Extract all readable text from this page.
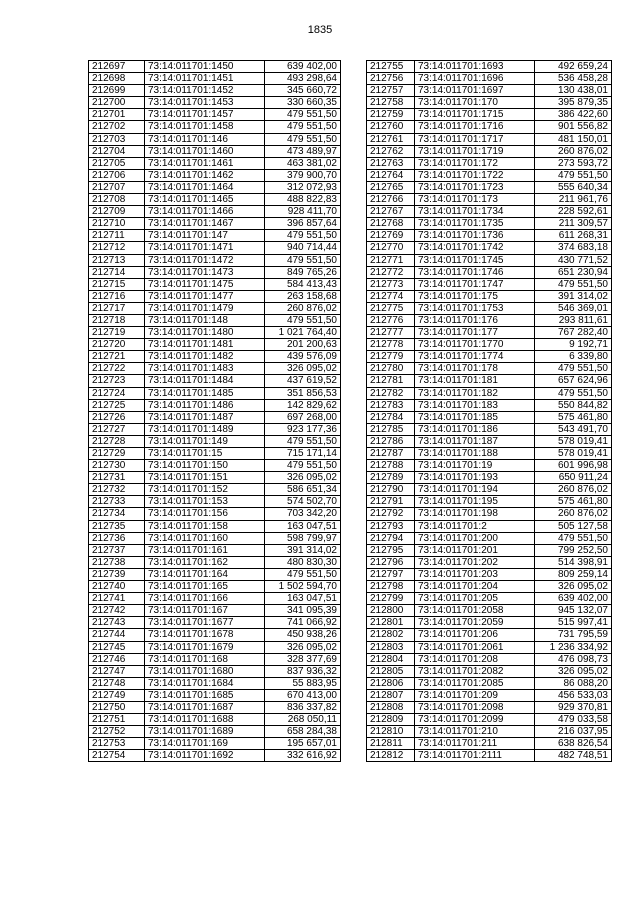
1835
212697	73:14:011701:1450	639 402,00
212698	73:14:011701:1451	493 298,64
212699	73:14:011701:1452	345 660,72
212700	73:14:011701:1453	330 660,35
212701	73:14:011701:1457	479 551,50
212702	73:14:011701:1458	479 551,50
212703	73:14:011701:146	479 551,50
212704	73:14:011701:1460	473 489,97
212705	73:14:011701:1461	463 381,02
212706	73:14:011701:1462	379 900,70
212707	73:14:011701:1464	312 072,93
212708	73:14:011701:1465	488 822,83
212709	73:14:011701:1466	928 411,70
212710	73:14:011701:1467	396 857,64
212711	73:14:011701:147	479 551,50
212712	73:14:011701:1471	940 714,44
212713	73:14:011701:1472	479 551,50
212714	73:14:011701:1473	849 765,26
212715	73:14:011701:1475	584 413,43
212716	73:14:011701:1477	263 158,68
212717	73:14:011701:1479	260 876,02
212718	73:14:011701:148	479 551,50
212719	73:14:011701:1480	1 021 764,40
212720	73:14:011701:1481	201 200,63
212721	73:14:011701:1482	439 576,09
212722	73:14:011701:1483	326 095,02
212723	73:14:011701:1484	437 619,52
212724	73:14:011701:1485	351 856,53
212725	73:14:011701:1486	142 829,62
212726	73:14:011701:1487	697 268,00
212727	73:14:011701:1489	923 177,36
212728	73:14:011701:149	479 551,50
212729	73:14:011701:15	715 171,14
212730	73:14:011701:150	479 551,50
212731	73:14:011701:151	326 095,02
212732	73:14:011701:152	586 651,34
212733	73:14:011701:153	574 502,70
212734	73:14:011701:156	703 342,20
212735	73:14:011701:158	163 047,51
212736	73:14:011701:160	598 799,97
212737	73:14:011701:161	391 314,02
212738	73:14:011701:162	480 830,30
212739	73:14:011701:164	479 551,50
212740	73:14:011701:165	1 502 594,70
212741	73:14:011701:166	163 047,51
212742	73:14:011701:167	341 095,39
212743	73:14:011701:1677	741 066,92
212744	73:14:011701:1678	450 938,26
212745	73:14:011701:1679	326 095,02
212746	73:14:011701:168	328 377,69
212747	73:14:011701:1680	837 936,32
212748	73:14:011701:1684	55 883,95
212749	73:14:011701:1685	670 413,00
212750	73:14:011701:1687	836 337,82
212751	73:14:011701:1688	268 050,11
212752	73:14:011701:1689	658 284,38
212753	73:14:011701:169	195 657,01
212754	73:14:011701:1692	332 616,92
212755	73:14:011701:1693	492 659,24
212756	73:14:011701:1696	536 458,28
212757	73:14:011701:1697	130 438,01
212758	73:14:011701:170	395 879,35
212759	73:14:011701:1715	386 422,60
212760	73:14:011701:1716	901 556,82
212761	73:14:011701:1717	481 150,01
212762	73:14:011701:1719	260 876,02
212763	73:14:011701:172	273 593,72
212764	73:14:011701:1722	479 551,50
212765	73:14:011701:1723	555 640,34
212766	73:14:011701:173	211 961,76
212767	73:14:011701:1734	228 592,61
212768	73:14:011701:1735	211 309,57
212769	73:14:011701:1736	611 268,31
212770	73:14:011701:1742	374 683,18
212771	73:14:011701:1745	430 771,52
212772	73:14:011701:1746	651 230,94
212773	73:14:011701:1747	479 551,50
212774	73:14:011701:175	391 314,02
212775	73:14:011701:1753	546 369,01
212776	73:14:011701:176	293 811,61
212777	73:14:011701:177	767 282,40
212778	73:14:011701:1770	9 192,71
212779	73:14:011701:1774	6 339,80
212780	73:14:011701:178	479 551,50
212781	73:14:011701:181	657 624,96
212782	73:14:011701:182	479 551,50
212783	73:14:011701:183	550 844,82
212784	73:14:011701:185	575 461,80
212785	73:14:011701:186	543 491,70
212786	73:14:011701:187	578 019,41
212787	73:14:011701:188	578 019,41
212788	73:14:011701:19	601 996,98
212789	73:14:011701:193	650 911,24
212790	73:14:011701:194	260 876,02
212791	73:14:011701:195	575 461,80
212792	73:14:011701:198	260 876,02
212793	73:14:011701:2	505 127,58
212794	73:14:011701:200	479 551,50
212795	73:14:011701:201	799 252,50
212796	73:14:011701:202	514 398,91
212797	73:14:011701:203	809 259,14
212798	73:14:011701:204	326 095,02
212799	73:14:011701:205	639 402,00
212800	73:14:011701:2058	945 132,07
212801	73:14:011701:2059	515 997,41
212802	73:14:011701:206	731 795,59
212803	73:14:011701:2061	1 236 334,92
212804	73:14:011701:208	476 098,73
212805	73:14:011701:2082	326 095,02
212806	73:14:011701:2085	86 088,20
212807	73:14:011701:209	456 533,03
212808	73:14:011701:2098	929 370,81
212809	73:14:011701:2099	479 033,58
212810	73:14:011701:210	216 037,95
212811	73:14:011701:211	638 826,54
212812	73:14:011701:2111	482 748,51
